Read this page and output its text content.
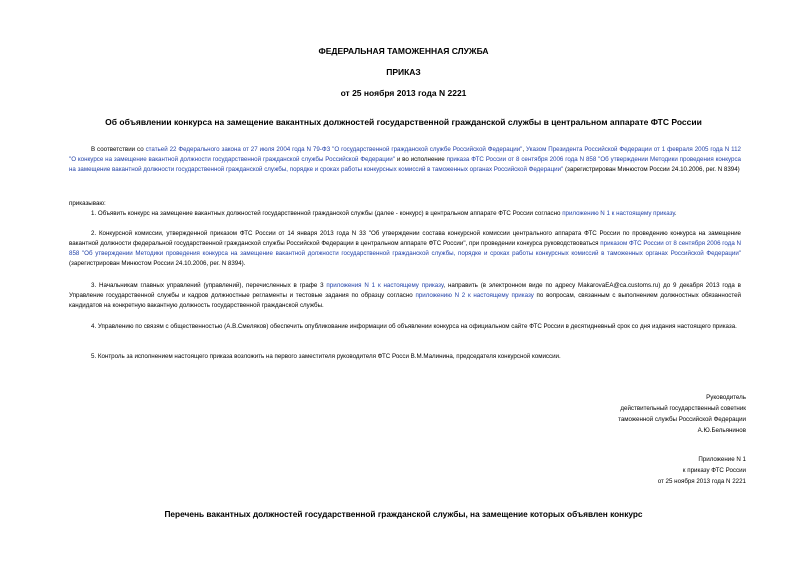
ФЕДЕРАЛЬНАЯ ТАМОЖЕННАЯ СЛУЖБА
ПРИКАЗ
от 25 ноября 2013 года N 2221
Об объявлении конкурса на замещение вакантных должностей государственной гражданской службы в центральном аппарате ФТС России
В соответствии со статьей 22 Федерального закона от 27 июля 2004 года N 79-ФЗ "О государственной гражданской службе Российской Федерации", Указом Президента Российской Федерации от 1 февраля 2005 года N 112 "О конкурсе на замещение вакантной должности государственной гражданской службы Российской Федерации" и во исполнение приказа ФТС России от 8 сентября 2006 года N 858 "Об утверждении Методики проведения конкурса на замещение вакантной должности государственной гражданской службы, порядке и сроках работы конкурсных комиссий в таможенных органах Российской Федерации" (зарегистрирован Минюстом России 24.10.2006, рег. N 8394)
приказываю:
1. Объявить конкурс на замещение вакантных должностей государственной гражданской службы (далее - конкурс) в центральном аппарате ФТС России согласно приложению N 1 к настоящему приказу.
2. Конкурсной комиссии, утвержденной приказом ФТС России от 14 января 2013 года N 33 "Об утверждении состава конкурсной комиссии центрального аппарата ФТС России по проведению конкурса на замещение вакантной должности федеральной государственной гражданской службы Российской Федерации в центральном аппарате ФТС России", при проведении конкурса руководствоваться приказом ФТС России от 8 сентября 2006 года N 858 "Об утверждении Методики проведения конкурса на замещение вакантной должности государственной гражданской службы, порядке и сроках работы конкурсных комиссий в таможенных органах Российской Федерации" (зарегистрирован Минюстом России 24.10.2006, рег. N 8394).
3. Начальникам главных управлений (управлений), перечисленных в графе 3 приложения N 1 к настоящему приказу, направить (в электронном виде по адресу MakarovaEA@ca.customs.ru) до 9 декабря 2013 года в Управление государственной службы и кадров должностные регламенты и тестовые задания по образцу согласно приложению N 2 к настоящему приказу по вопросам, связанным с выполнением должностных обязанностей кандидатов на конкретную вакантную должность государственной гражданской службы.
4. Управлению по связям с общественностью (А.В.Смеляков) обеспечить опубликование информации об объявлении конкурса на официальном сайте ФТС России в десятидневный срок со дня издания настоящего приказа.
5. Контроль за исполнением настоящего приказа возложить на первого заместителя руководителя ФТС Росси В.М.Малинина, председателя конкурсной комиссии.
Руководитель
действительный государственный советник
таможенной службы Российской Федерации
А.Ю.Бельянинов
Приложение N 1
к приказу ФТС России
от 25 ноября 2013 года N 2221
Перечень вакантных должностей государственной гражданской службы, на замещение которых объявлен конкурс
